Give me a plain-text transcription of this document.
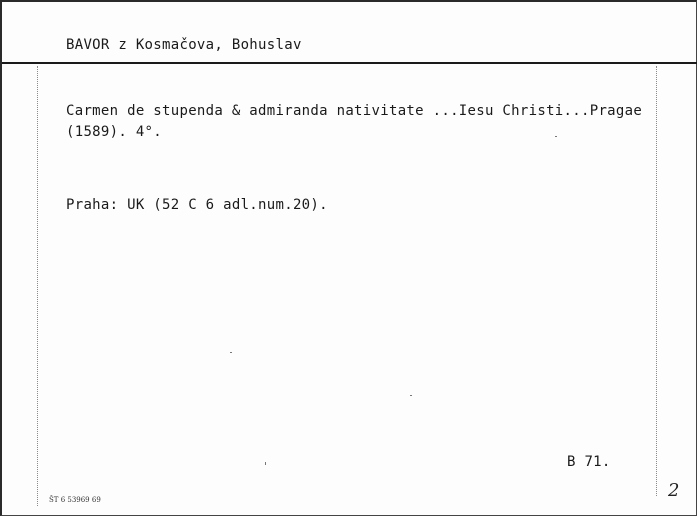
BAVOR z Kosmačova, Bohuslav
Carmen de stupenda & admiranda nativitate ...Iesu Christi...Pragae
(1589). 4°.
Praha: UK (52 C 6 adl.num.20).
B 71.
ŠT 6 53969 69	2
